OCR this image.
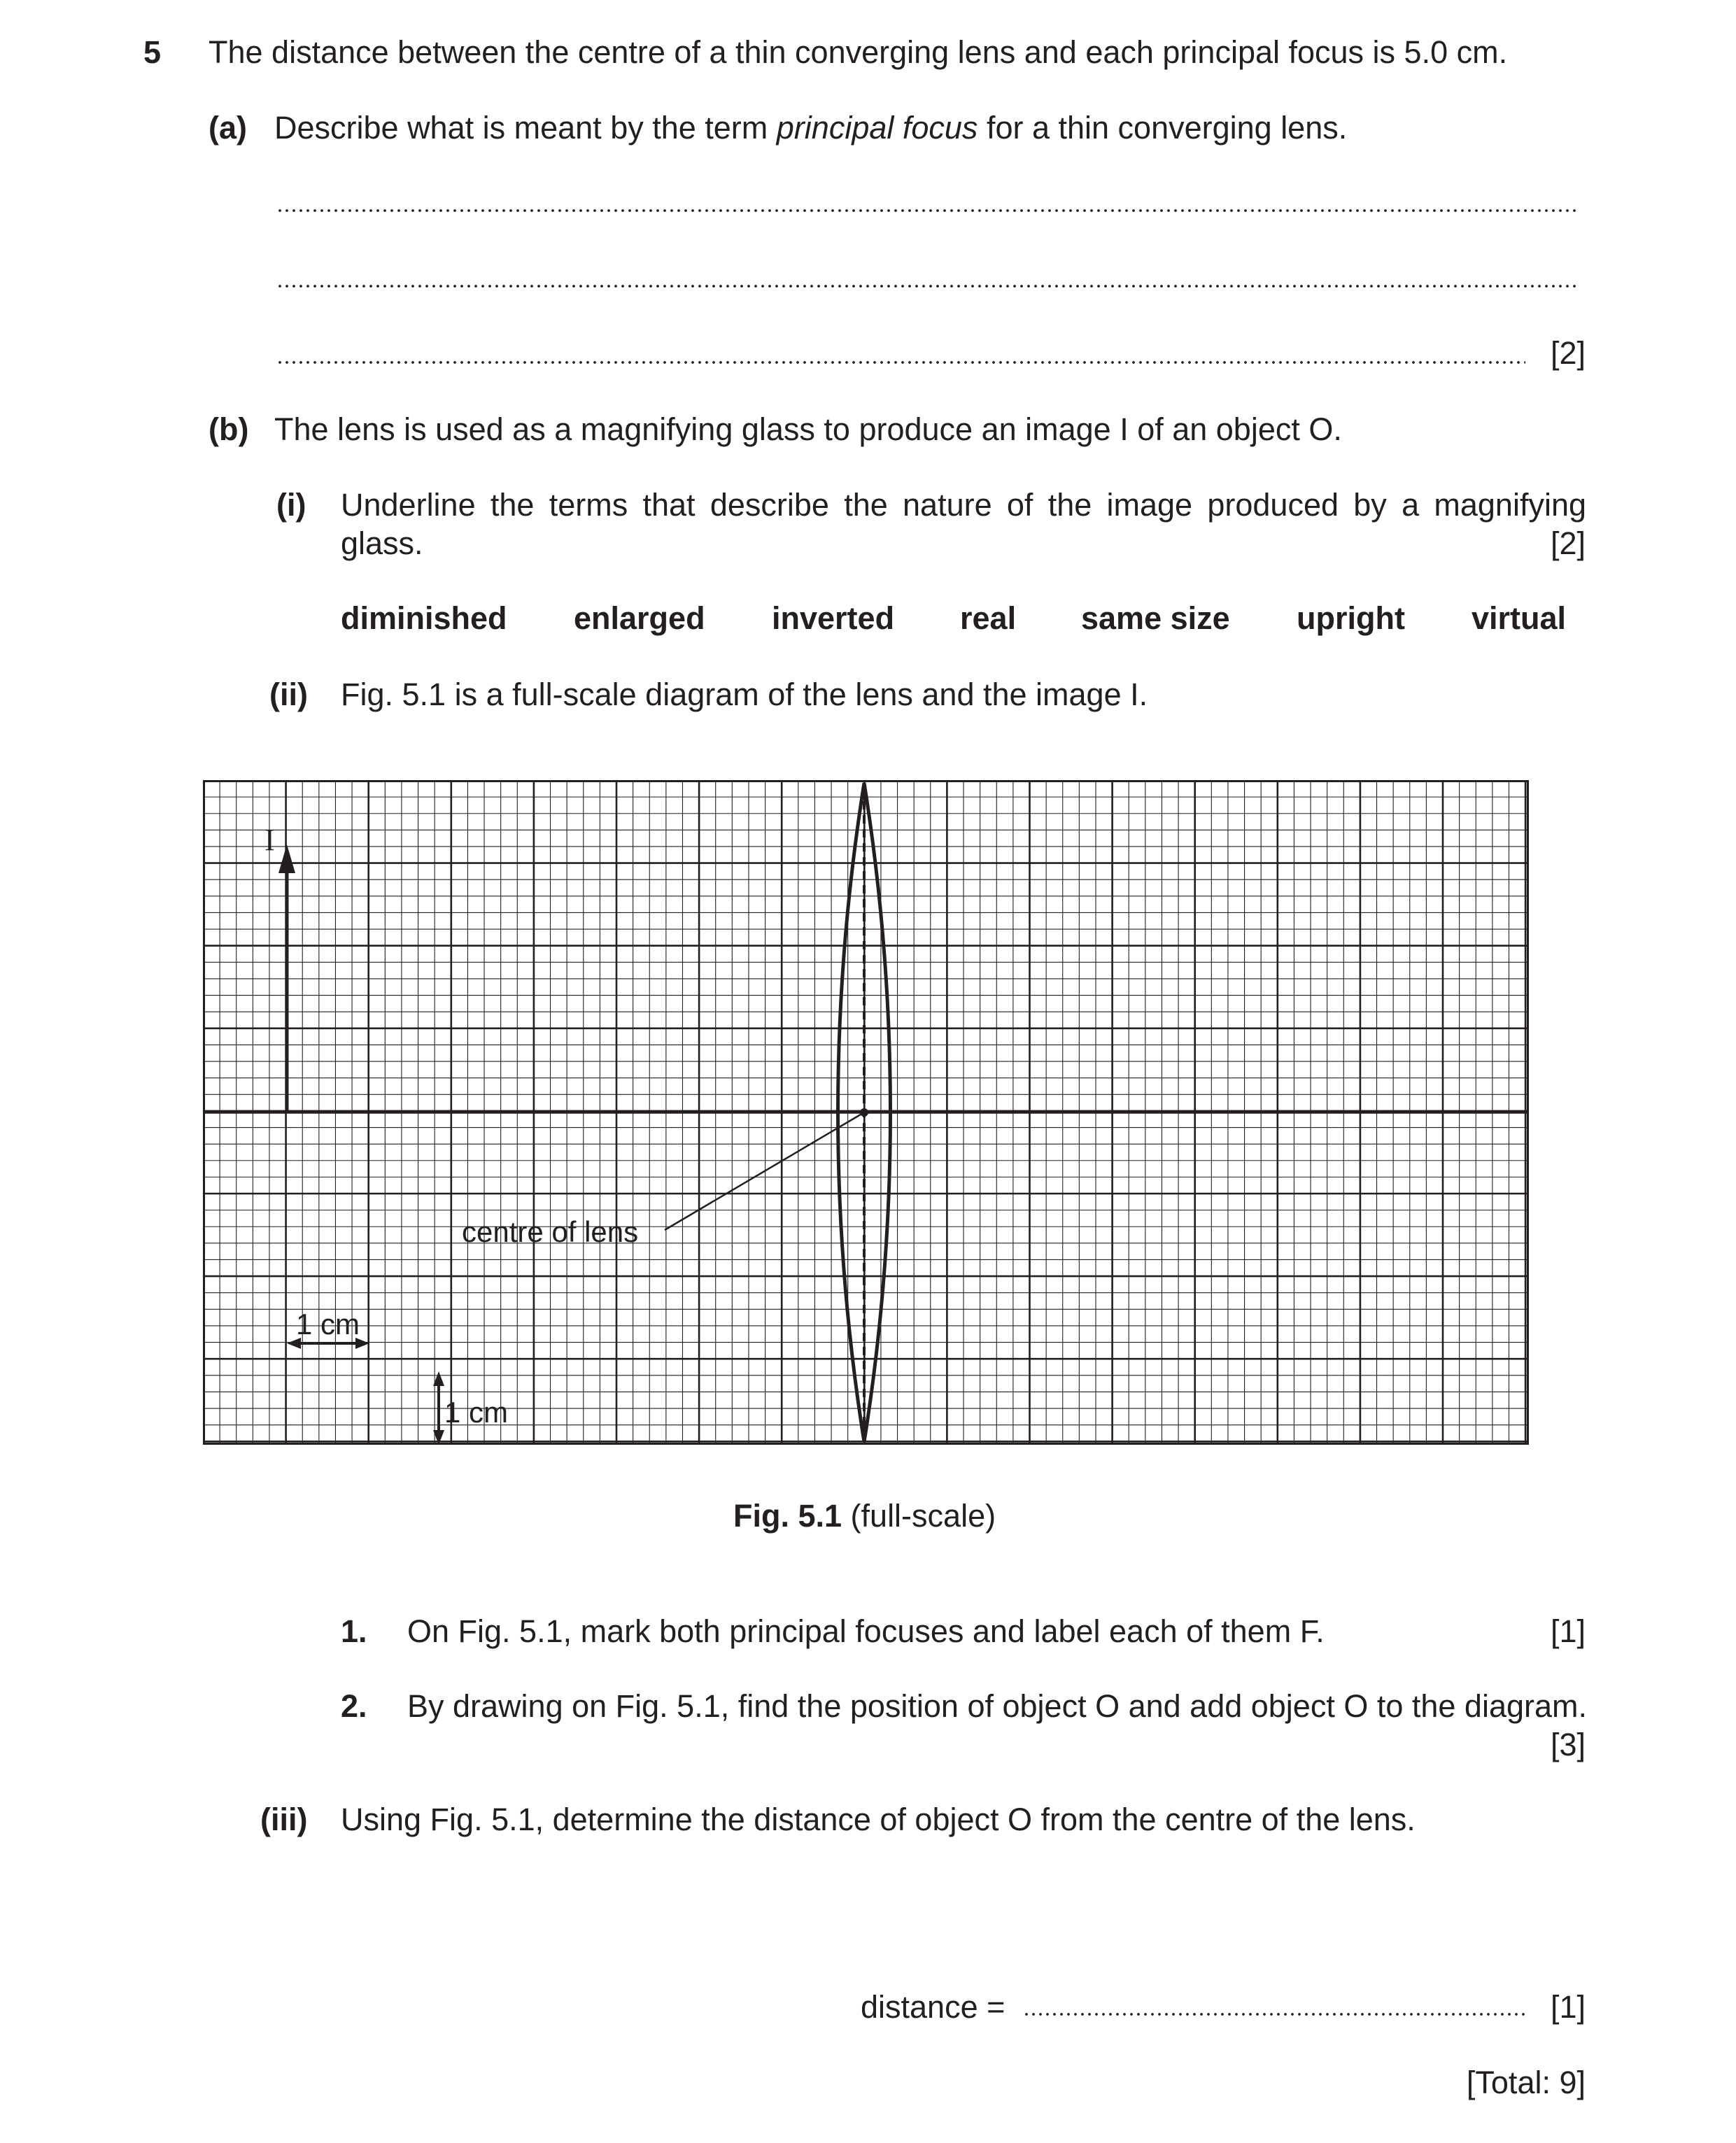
5 The distance between the centre of a thin converging lens and each principal focus is 5.0 cm.
(a) Describe what is meant by the term principal focus for a thin converging lens.
[2]
(b) The lens is used as a magnifying glass to produce an image I of an object O.
(i) Underline the terms that describe the nature of the image produced by a magnifying
glass.	[2]
diminished enlarged inverted real same size upright virtual
(ii) Fig. 5.1 is a full-scale diagram of the lens and the image I.
I
centre of lens
1 cm
1 cm
Fig. 5.1 (full-scale)
1. On Fig. 5.1, mark both principal focuses and label each of them F.	[1]
2. By drawing on Fig. 5.1, find the position of object O and add object O to the diagram.
[3]
(iii) Using Fig. 5.1, determine the distance of object O from the centre of the lens.
distance =	[1]
[Total: 9]
